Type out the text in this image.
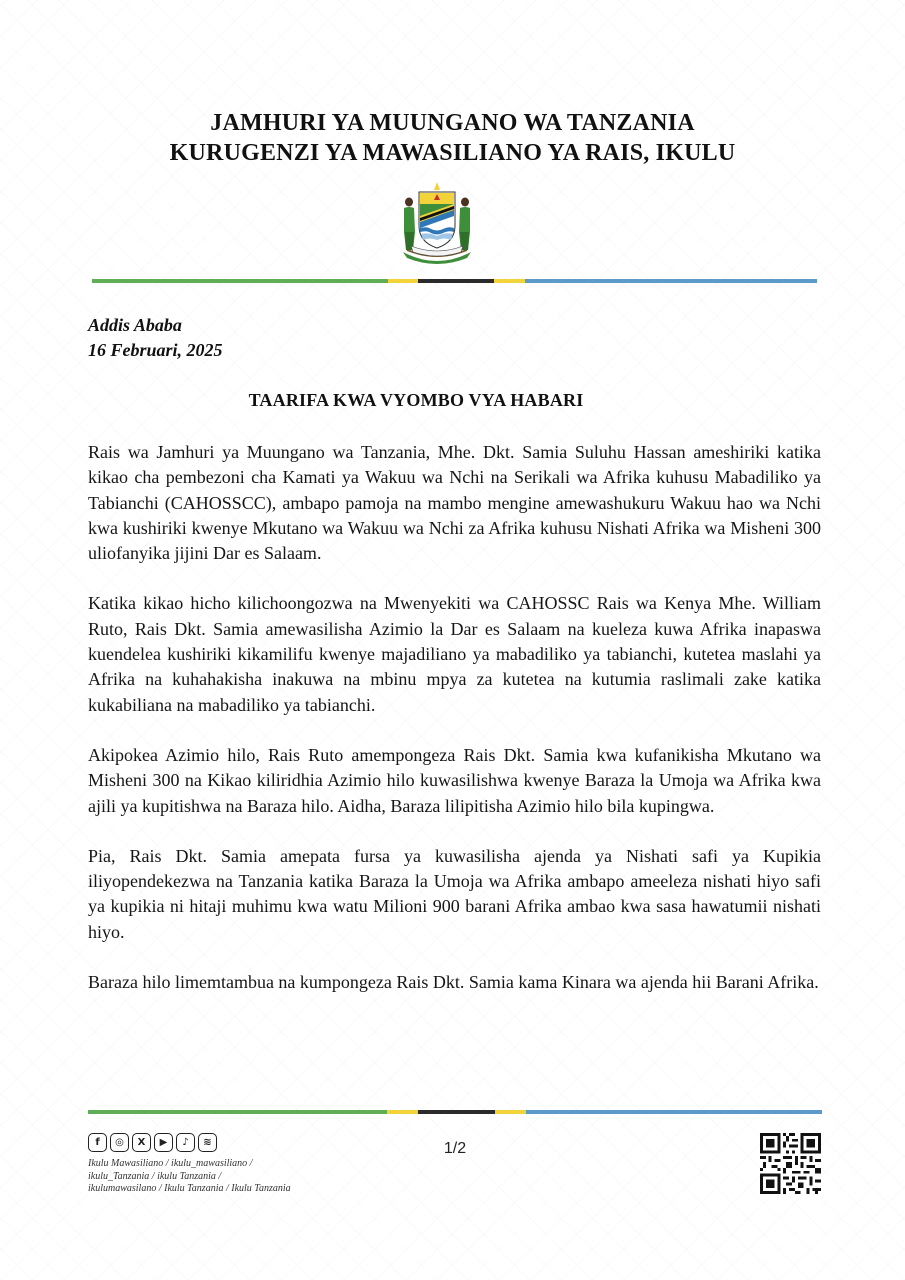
JAMHURI YA MUUNGANO WA TANZANIA
KURUGENZI YA MAWASILIANO YA RAIS, IKULU
Addis Ababa
16 Februari, 2025
TAARIFA KWA VYOMBO VYA HABARI

Rais wa Jamhuri ya Muungano wa Tanzania, Mhe. Dkt. Samia Suluhu Hassan ameshiriki katika kikao cha pembezoni cha Kamati ya Wakuu wa Nchi na Serikali wa Afrika kuhusu Mabadiliko ya Tabianchi (CAHOSSCC), ambapo pamoja na mambo mengine amewashukuru Wakuu hao wa Nchi kwa kushiriki kwenye Mkutano wa Wakuu wa Nchi za Afrika kuhusu Nishati Afrika wa Misheni 300 uliofanyika jijini Dar es Salaam.

Katika kikao hicho kilichoongozwa na Mwenyekiti wa CAHOSSC Rais wa Kenya Mhe. William Ruto, Rais Dkt. Samia amewasilisha Azimio la Dar es Salaam na kueleza kuwa Afrika inapaswa kuendelea kushiriki kikamilifu kwenye majadiliano ya mabadiliko ya tabianchi, kutetea maslahi ya Afrika na kuhahakisha inakuwa na mbinu mpya za kutetea na kutumia raslimali zake katika kukabiliana na mabadiliko ya tabianchi.

Akipokea Azimio hilo, Rais Ruto amempongeza Rais Dkt. Samia kwa kufanikisha Mkutano wa Misheni 300 na Kikao kiliridhia Azimio hilo kuwasilishwa kwenye Baraza la Umoja wa Afrika kwa ajili ya kupitishwa na Baraza hilo. Aidha, Baraza lilipitisha Azimio hilo bila kupingwa.

Pia, Rais Dkt. Samia amepata fursa ya kuwasilisha ajenda ya Nishati safi ya Kupikia iliyopendekezwa na Tanzania katika Baraza la Umoja wa Afrika ambapo ameeleza nishati hiyo safi ya kupikia ni hitaji muhimu kwa watu Milioni 900 barani Afrika ambao kwa sasa hawatumii nishati hiyo.

Baraza hilo limemtambua na kumpongeza Rais Dkt. Samia kama Kinara wa ajenda hii Barani Afrika.

f	◎	X	▶	♪	≋
Ikulu Mawasiliano / ikulu_mawasiliano /
ikulu_Tanzania / ikulu Tanzania /
ikulumawasilano / Ikulu Tanzania / Ikulu Tanzania
1/2
